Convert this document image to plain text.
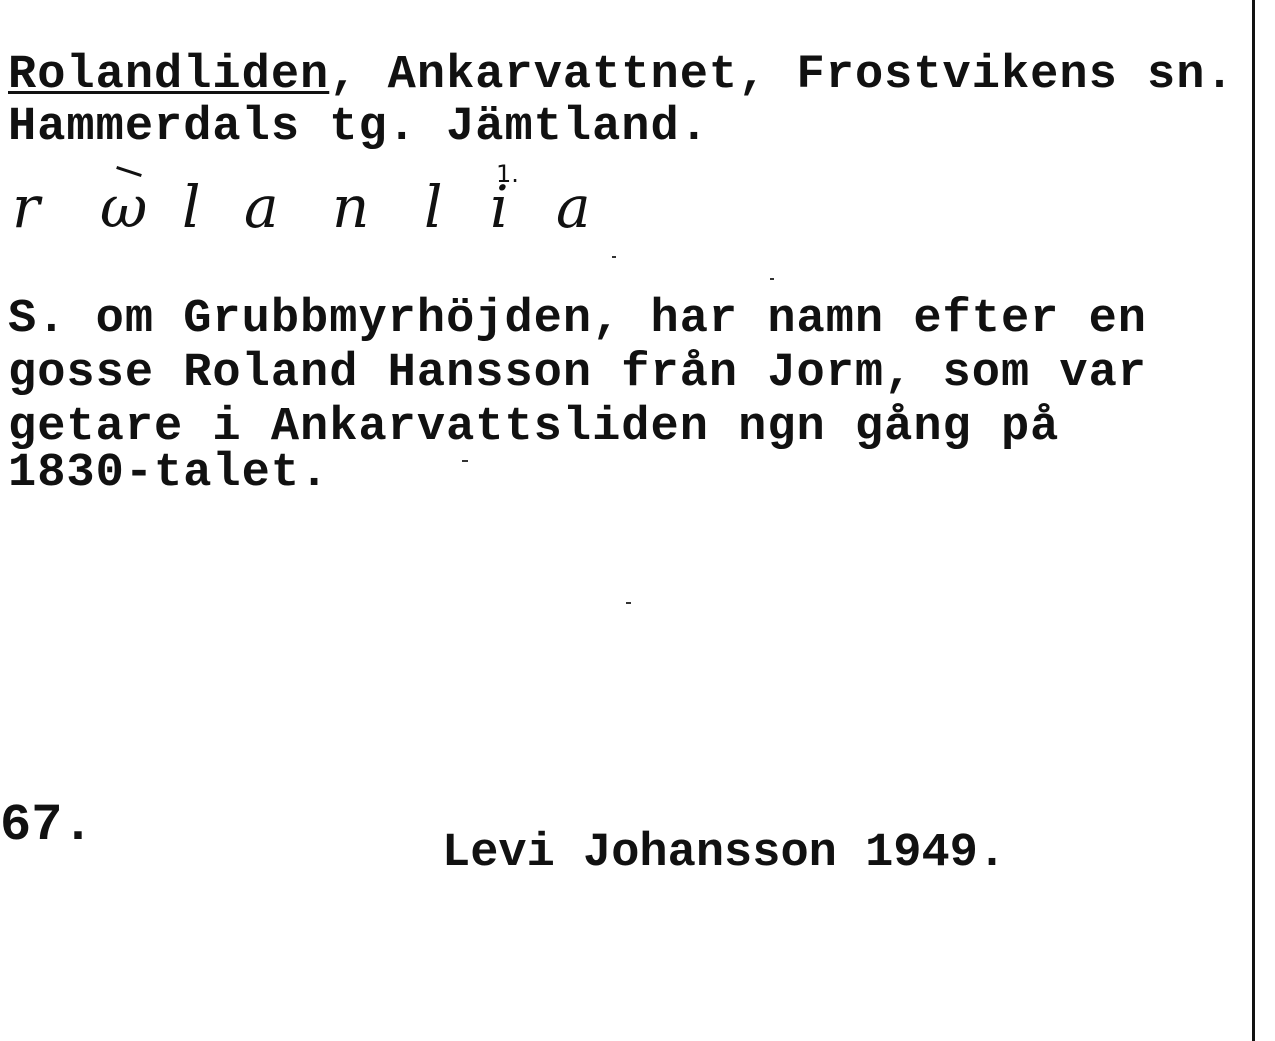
Rolandliden, Ankarvattnet, Frostvikens sn.
Hammerdals tg. Jämtland.
1.
r ω l a n l i a
S. om Grubbmyrhöjden, har namn efter en
gosse Roland Hansson från Jorm, som var
getare i Ankarvattsliden ngn gång på
1830-talet.
67.	Levi Johansson 1949.
